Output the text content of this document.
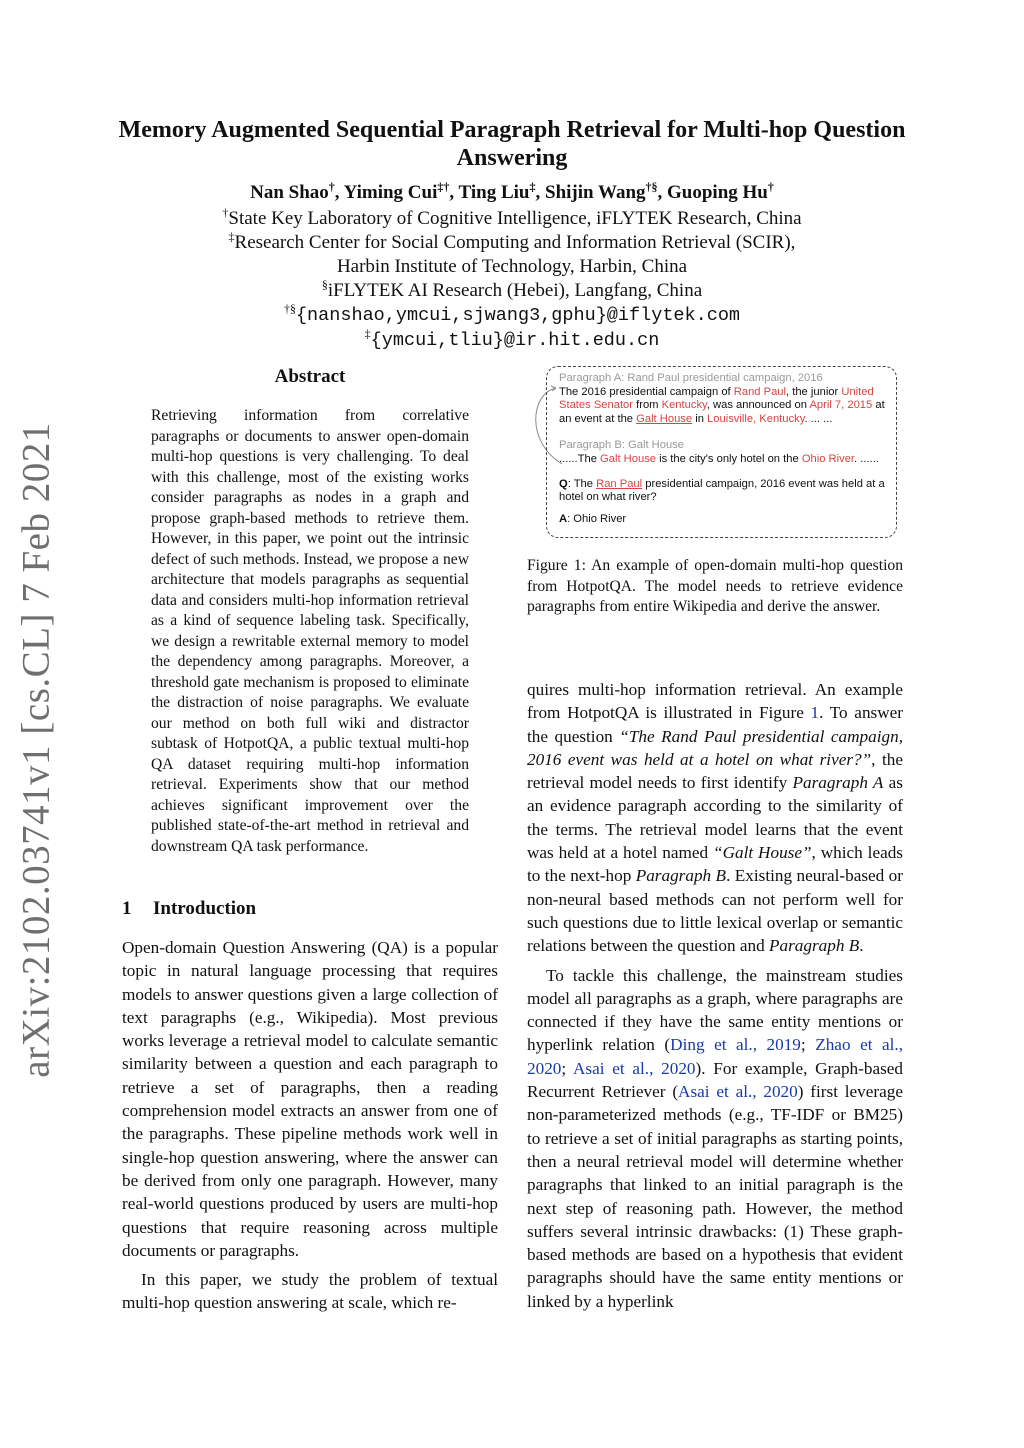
arXiv:2102.03741v1 [cs.CL] 7 Feb 2021
Memory Augmented Sequential Paragraph Retrieval for Multi-hop Question Answering
Nan Shao†, Yiming Cui‡†, Ting Liu‡, Shijin Wang†§, Guoping Hu†
†State Key Laboratory of Cognitive Intelligence, iFLYTEK Research, China
‡Research Center for Social Computing and Information Retrieval (SCIR),
Harbin Institute of Technology, Harbin, China
§iFLYTEK AI Research (Hebei), Langfang, China
†§{nanshao,ymcui,sjwang3,gphu}@iflytek.com
‡{ymcui,tliu}@ir.hit.edu.cn
Abstract
Retrieving information from correlative paragraphs or documents to answer open-domain multi-hop questions is very challenging. To deal with this challenge, most of the existing works consider paragraphs as nodes in a graph and propose graph-based methods to retrieve them. However, in this paper, we point out the intrinsic defect of such methods. Instead, we propose a new architecture that models paragraphs as sequential data and considers multi-hop information retrieval as a kind of sequence labeling task. Specifically, we design a rewritable external memory to model the dependency among paragraphs. Moreover, a threshold gate mechanism is proposed to eliminate the distraction of noise paragraphs. We evaluate our method on both full wiki and distractor subtask of HotpotQA, a public textual multi-hop QA dataset requiring multi-hop information retrieval. Experiments show that our method achieves significant improvement over the published state-of-the-art method in retrieval and downstream QA task performance.
1 Introduction

Open-domain Question Answering (QA) is a popular topic in natural language processing that requires models to answer questions given a large collection of text paragraphs (e.g., Wikipedia). Most previous works leverage a retrieval model to calculate semantic similarity between a question and each paragraph to retrieve a set of paragraphs, then a reading comprehension model extracts an answer from one of the paragraphs. These pipeline methods work well in single-hop question answering, where the answer can be derived from only one paragraph. However, many real-world questions produced by users are multi-hop questions that require reasoning across multiple documents or paragraphs.

In this paper, we study the problem of textual multi-hop question answering at scale, which re-

Paragraph A: Rand Paul presidential campaign, 2016

The 2016 presidential campaign of Rand Paul, the junior United States Senator from Kentucky, was announced on April 7, 2015 at an event at the Galt House in Louisville, Kentucky. ... ...

Paragraph B: Galt House

......The Galt House is the city's only hotel on the Ohio River. ......

Q: The Ran Paul presidential campaign, 2016 event was held at a hotel on what river?

A: Ohio River

Figure 1: An example of open-domain multi-hop question from HotpotQA. The model needs to retrieve evidence paragraphs from entire Wikipedia and derive the answer.

quires multi-hop information retrieval. An example from HotpotQA is illustrated in Figure 1. To answer the question “The Rand Paul presidential campaign, 2016 event was held at a hotel on what river?”, the retrieval model needs to first identify Paragraph A as an evidence paragraph according to the similarity of the terms. The retrieval model learns that the event was held at a hotel named “Galt House”, which leads to the next-hop Paragraph B. Existing neural-based or non-neural based methods can not perform well for such questions due to little lexical overlap or semantic relations between the question and Paragraph B.

To tackle this challenge, the mainstream studies model all paragraphs as a graph, where paragraphs are connected if they have the same entity mentions or hyperlink relation (Ding et al., 2019; Zhao et al., 2020; Asai et al., 2020). For example, Graph-based Recurrent Retriever (Asai et al., 2020) first leverage non-parameterized methods (e.g., TF-IDF or BM25) to retrieve a set of initial paragraphs as starting points, then a neural retrieval model will determine whether paragraphs that linked to an initial paragraph is the next step of reasoning path. However, the method suffers several intrinsic drawbacks: (1) These graph-based methods are based on a hypothesis that evident paragraphs should have the same entity mentions or linked by a hyperlink
